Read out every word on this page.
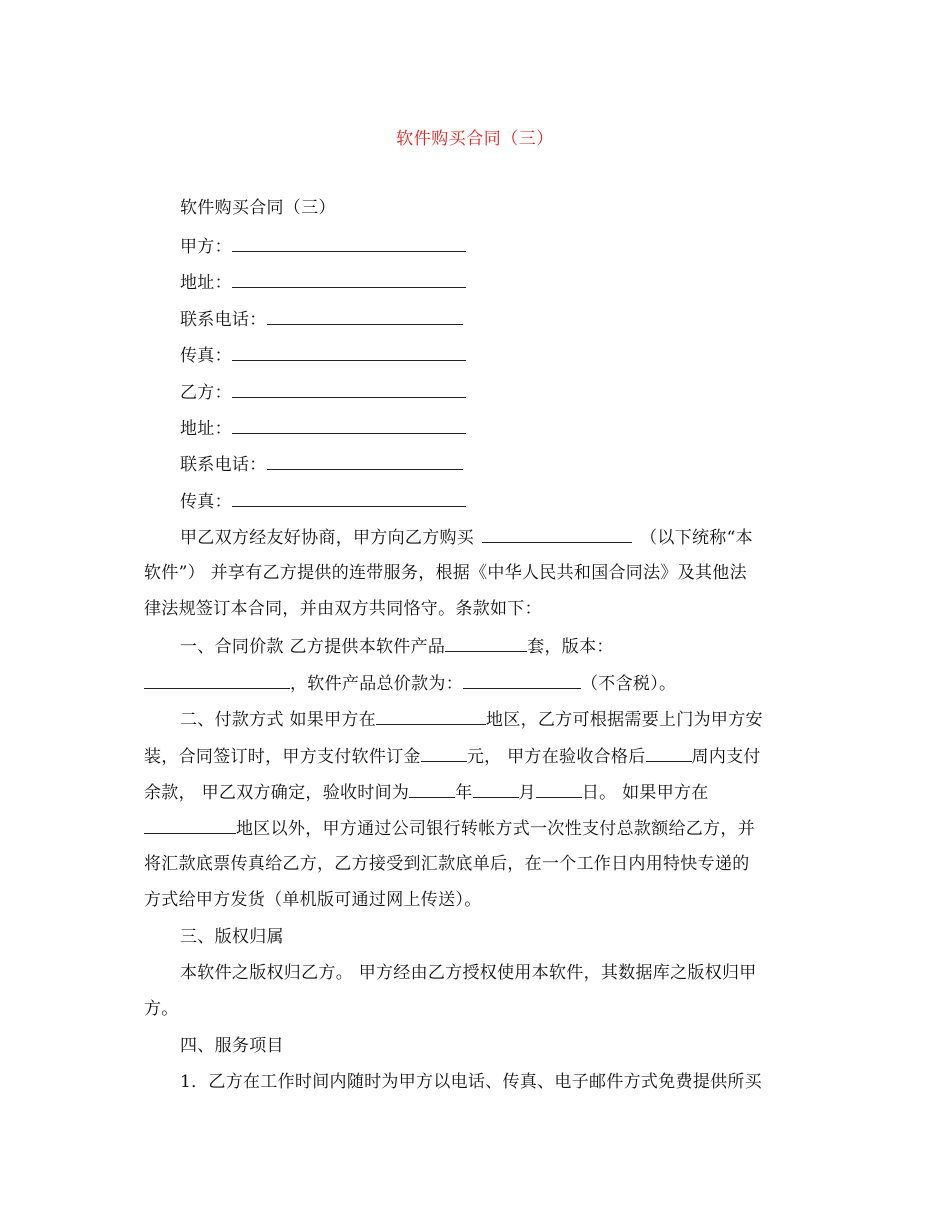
软件购买合同（三）
软件购买合同（三）
甲方：
地址：
联系电话：
传真：
乙方：
地址：
联系电话：
传真：
甲乙双方经友好协商，甲方向乙方购买	（以下统称“本
软件”） 并享有乙方提供的连带服务，根据《中华人民共和国合同法》及其他法
律法规签订本合同，并由双方共同恪守。条款如下：
一、合同价款 乙方提供本软件产品	套，版本：
，软件产品总价款为：	（不含税）。
二、付款方式 如果甲方在	地区，乙方可根据需要上门为甲方安
装，合同签订时，甲方支付软件订金	元， 甲方在验收合格后	周内支付
余款， 甲乙双方确定，验收时间为	年	月	日。 如果甲方在
地区以外，甲方通过公司银行转帐方式一次性支付总款额给乙方，并
将汇款底票传真给乙方，乙方接受到汇款底单后，在一个工作日内用特快专递的
方式给甲方发货（单机版可通过网上传送）。
三、版权归属
本软件之版权归乙方。 甲方经由乙方授权使用本软件，其数据库之版权归甲
方。
四、服务项目
1．乙方在工作时间内随时为甲方以电话、传真、电子邮件方式免费提供所买
